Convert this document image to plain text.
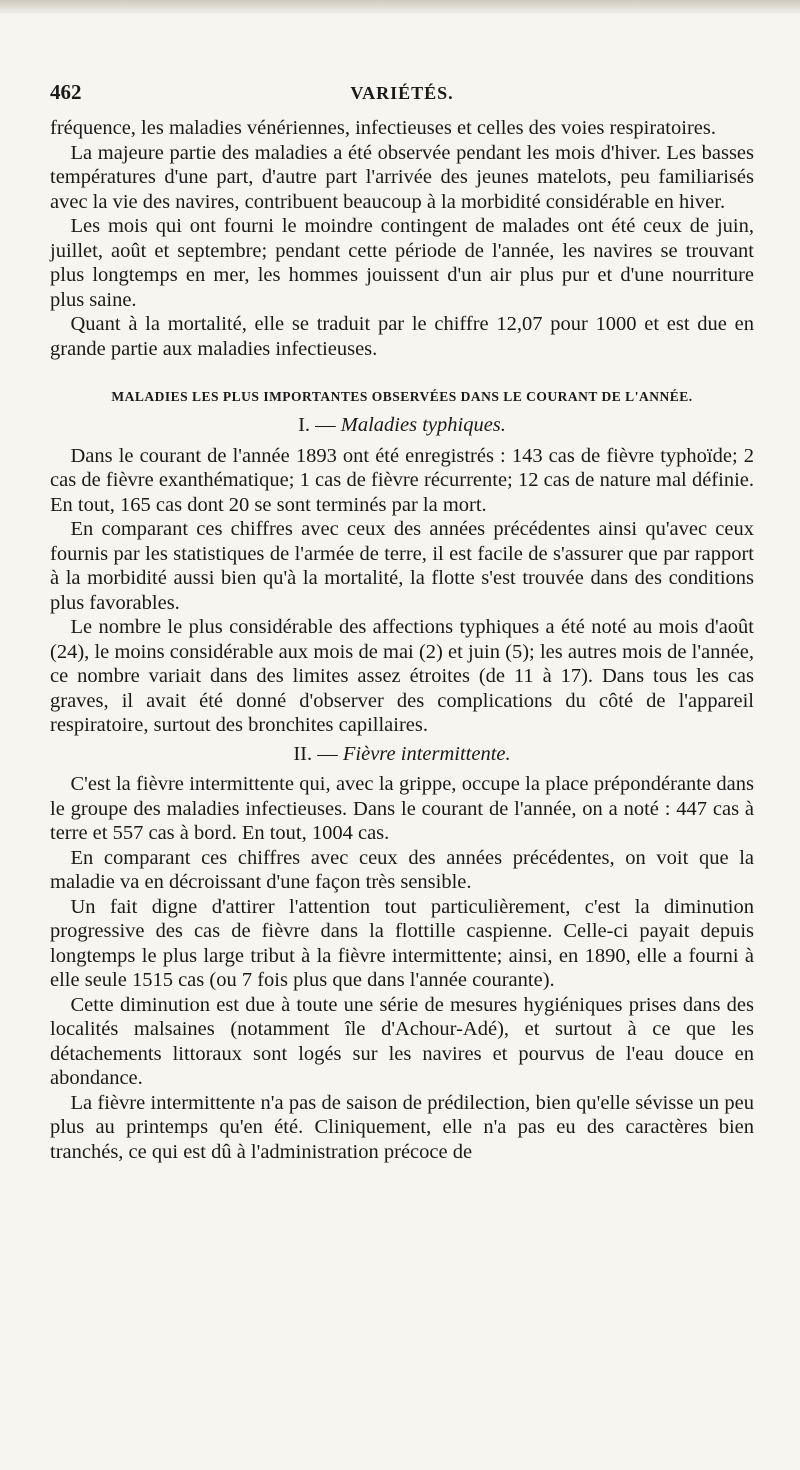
462	VARIÉTÉS.

fréquence, les maladies vénériennes, infectieuses et celles des voies respiratoires.

La majeure partie des maladies a été observée pendant les mois d'hiver. Les basses températures d'une part, d'autre part l'arrivée des jeunes matelots, peu familiarisés avec la vie des navires, contribuent beaucoup à la morbidité considérable en hiver.

Les mois qui ont fourni le moindre contingent de malades ont été ceux de juin, juillet, août et septembre; pendant cette période de l'année, les navires se trouvant plus longtemps en mer, les hommes jouissent d'un air plus pur et d'une nourriture plus saine.

Quant à la mortalité, elle se traduit par le chiffre 12,07 pour 1000 et est due en grande partie aux maladies infectieuses.

MALADIES LES PLUS IMPORTANTES OBSERVÉES DANS LE COURANT DE L'ANNÉE.
I. — Maladies typhiques.

Dans le courant de l'année 1893 ont été enregistrés : 143 cas de fièvre typhoïde; 2 cas de fièvre exanthématique; 1 cas de fièvre récurrente; 12 cas de nature mal définie. En tout, 165 cas dont 20 se sont terminés par la mort.

En comparant ces chiffres avec ceux des années précédentes ainsi qu'avec ceux fournis par les statistiques de l'armée de terre, il est facile de s'assurer que par rapport à la morbidité aussi bien qu'à la mortalité, la flotte s'est trouvée dans des conditions plus favorables.

Le nombre le plus considérable des affections typhiques a été noté au mois d'août (24), le moins considérable aux mois de mai (2) et juin (5); les autres mois de l'année, ce nombre variait dans des limites assez étroites (de 11 à 17). Dans tous les cas graves, il avait été donné d'observer des complications du côté de l'appareil respiratoire, surtout des bronchites capillaires.

II. — Fièvre intermittente.

C'est la fièvre intermittente qui, avec la grippe, occupe la place prépondérante dans le groupe des maladies infectieuses. Dans le courant de l'année, on a noté : 447 cas à terre et 557 cas à bord. En tout, 1004 cas.

En comparant ces chiffres avec ceux des années précédentes, on voit que la maladie va en décroissant d'une façon très sensible.

Un fait digne d'attirer l'attention tout particulièrement, c'est la diminution progressive des cas de fièvre dans la flottille caspienne. Celle-ci payait depuis longtemps le plus large tribut à la fièvre intermittente; ainsi, en 1890, elle a fourni à elle seule 1515 cas (ou 7 fois plus que dans l'année courante).

Cette diminution est due à toute une série de mesures hygiéniques prises dans des localités malsaines (notamment île d'Achour-Adé), et surtout à ce que les détachements littoraux sont logés sur les navires et pourvus de l'eau douce en abondance.

La fièvre intermittente n'a pas de saison de prédilection, bien qu'elle sévisse un peu plus au printemps qu'en été. Cliniquement, elle n'a pas eu des caractères bien tranchés, ce qui est dû à l'administration précoce de
